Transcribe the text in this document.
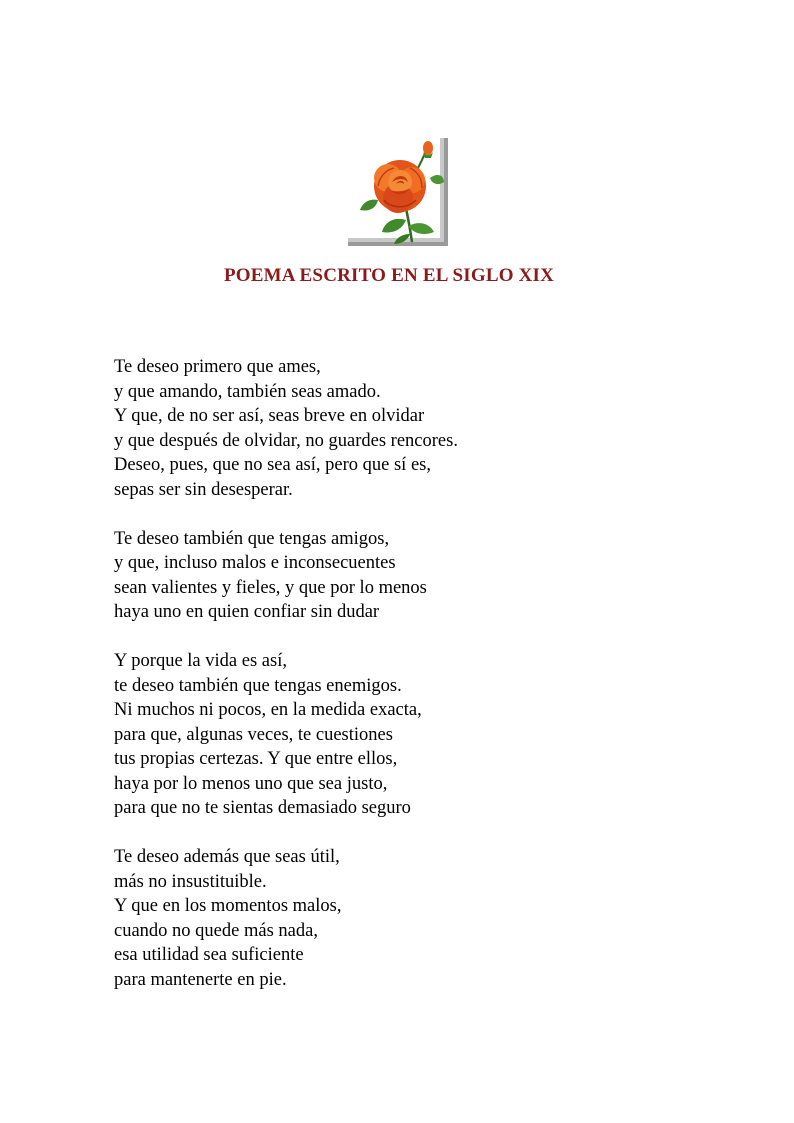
POEMA ESCRITO EN EL SIGLO XIX
Te deseo primero que ames,
y que amando, también seas amado.
Y que, de no ser así, seas breve en olvidar
y que después de olvidar, no guardes rencores.
Deseo, pues, que no sea así, pero que sí es,
sepas ser sin desesperar.
Te deseo también que tengas amigos,
y que, incluso malos e inconsecuentes
sean valientes y fieles, y que por lo menos
haya uno en quien confiar sin dudar
Y porque la vida es así,
te deseo también que tengas enemigos.
Ni muchos ni pocos, en la medida exacta,
para que, algunas veces, te cuestiones
tus propias certezas. Y que entre ellos,
haya por lo menos uno que sea justo,
para que no te sientas demasiado seguro
Te deseo además que seas útil,
más no insustituible.
Y que en los momentos malos,
cuando no quede más nada,
esa utilidad sea suficiente
para mantenerte en pie.
